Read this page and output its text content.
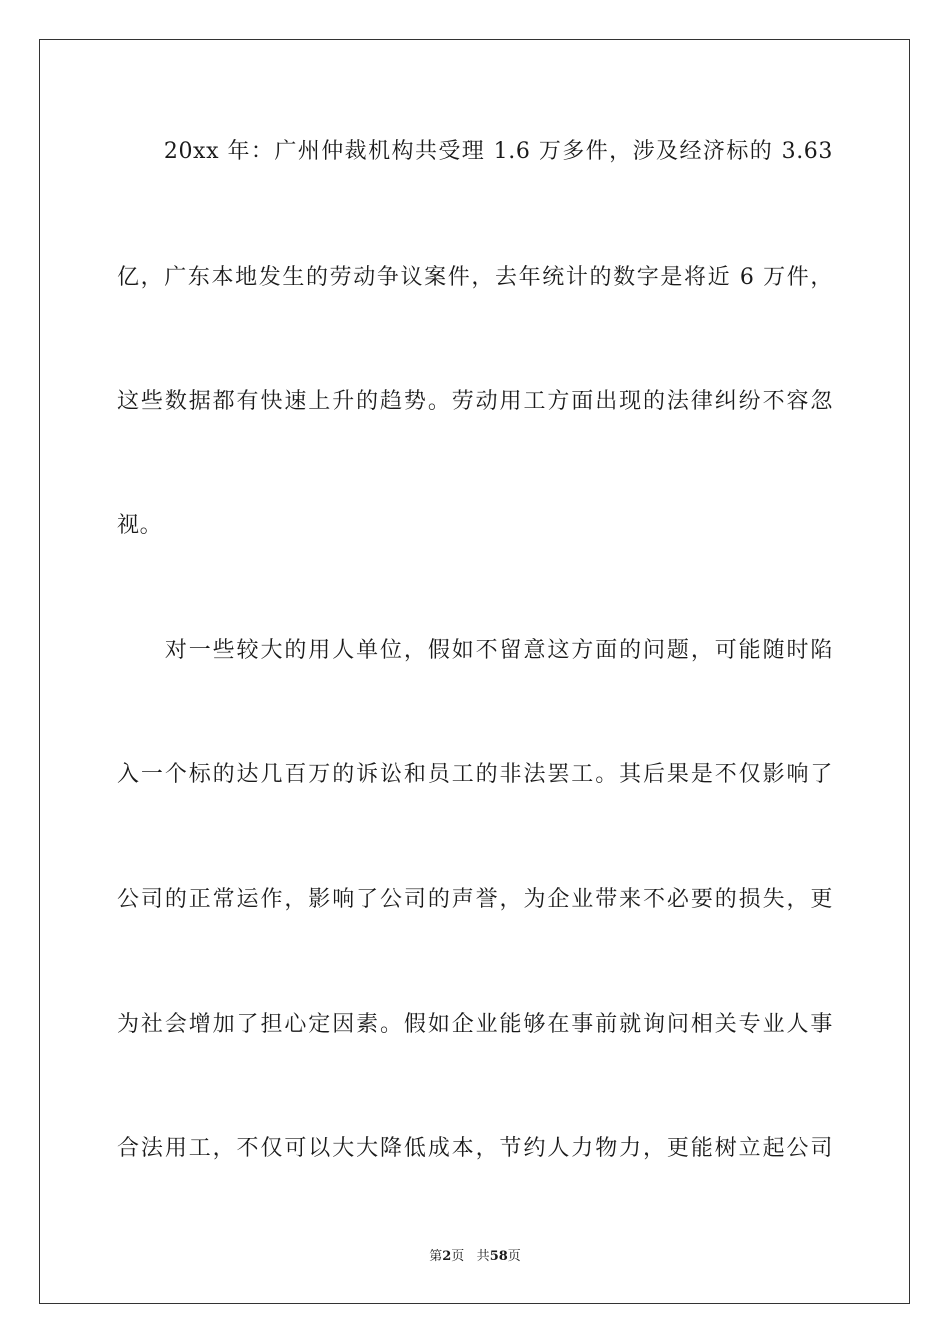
　　20xx 年：广州仲裁机构共受理 1.6 万多件，涉及经济标的 3.63
亿，广东本地发生的劳动争议案件，去年统计的数字是将近 6 万件，
这些数据都有快速上升的趋势。劳动用工方面出现的法律纠纷不容忽
视。
　　对一些较大的用人单位，假如不留意这方面的问题，可能随时陷
入一个标的达几百万的诉讼和员工的非法罢工。其后果是不仅影响了
公司的正常运作，影响了公司的声誉，为企业带来不必要的损失，更
为社会增加了担心定因素。假如企业能够在事前就询问相关专业人事
合法用工，不仅可以大大降低成本，节约人力物力，更能树立起公司
第2页 共58页
